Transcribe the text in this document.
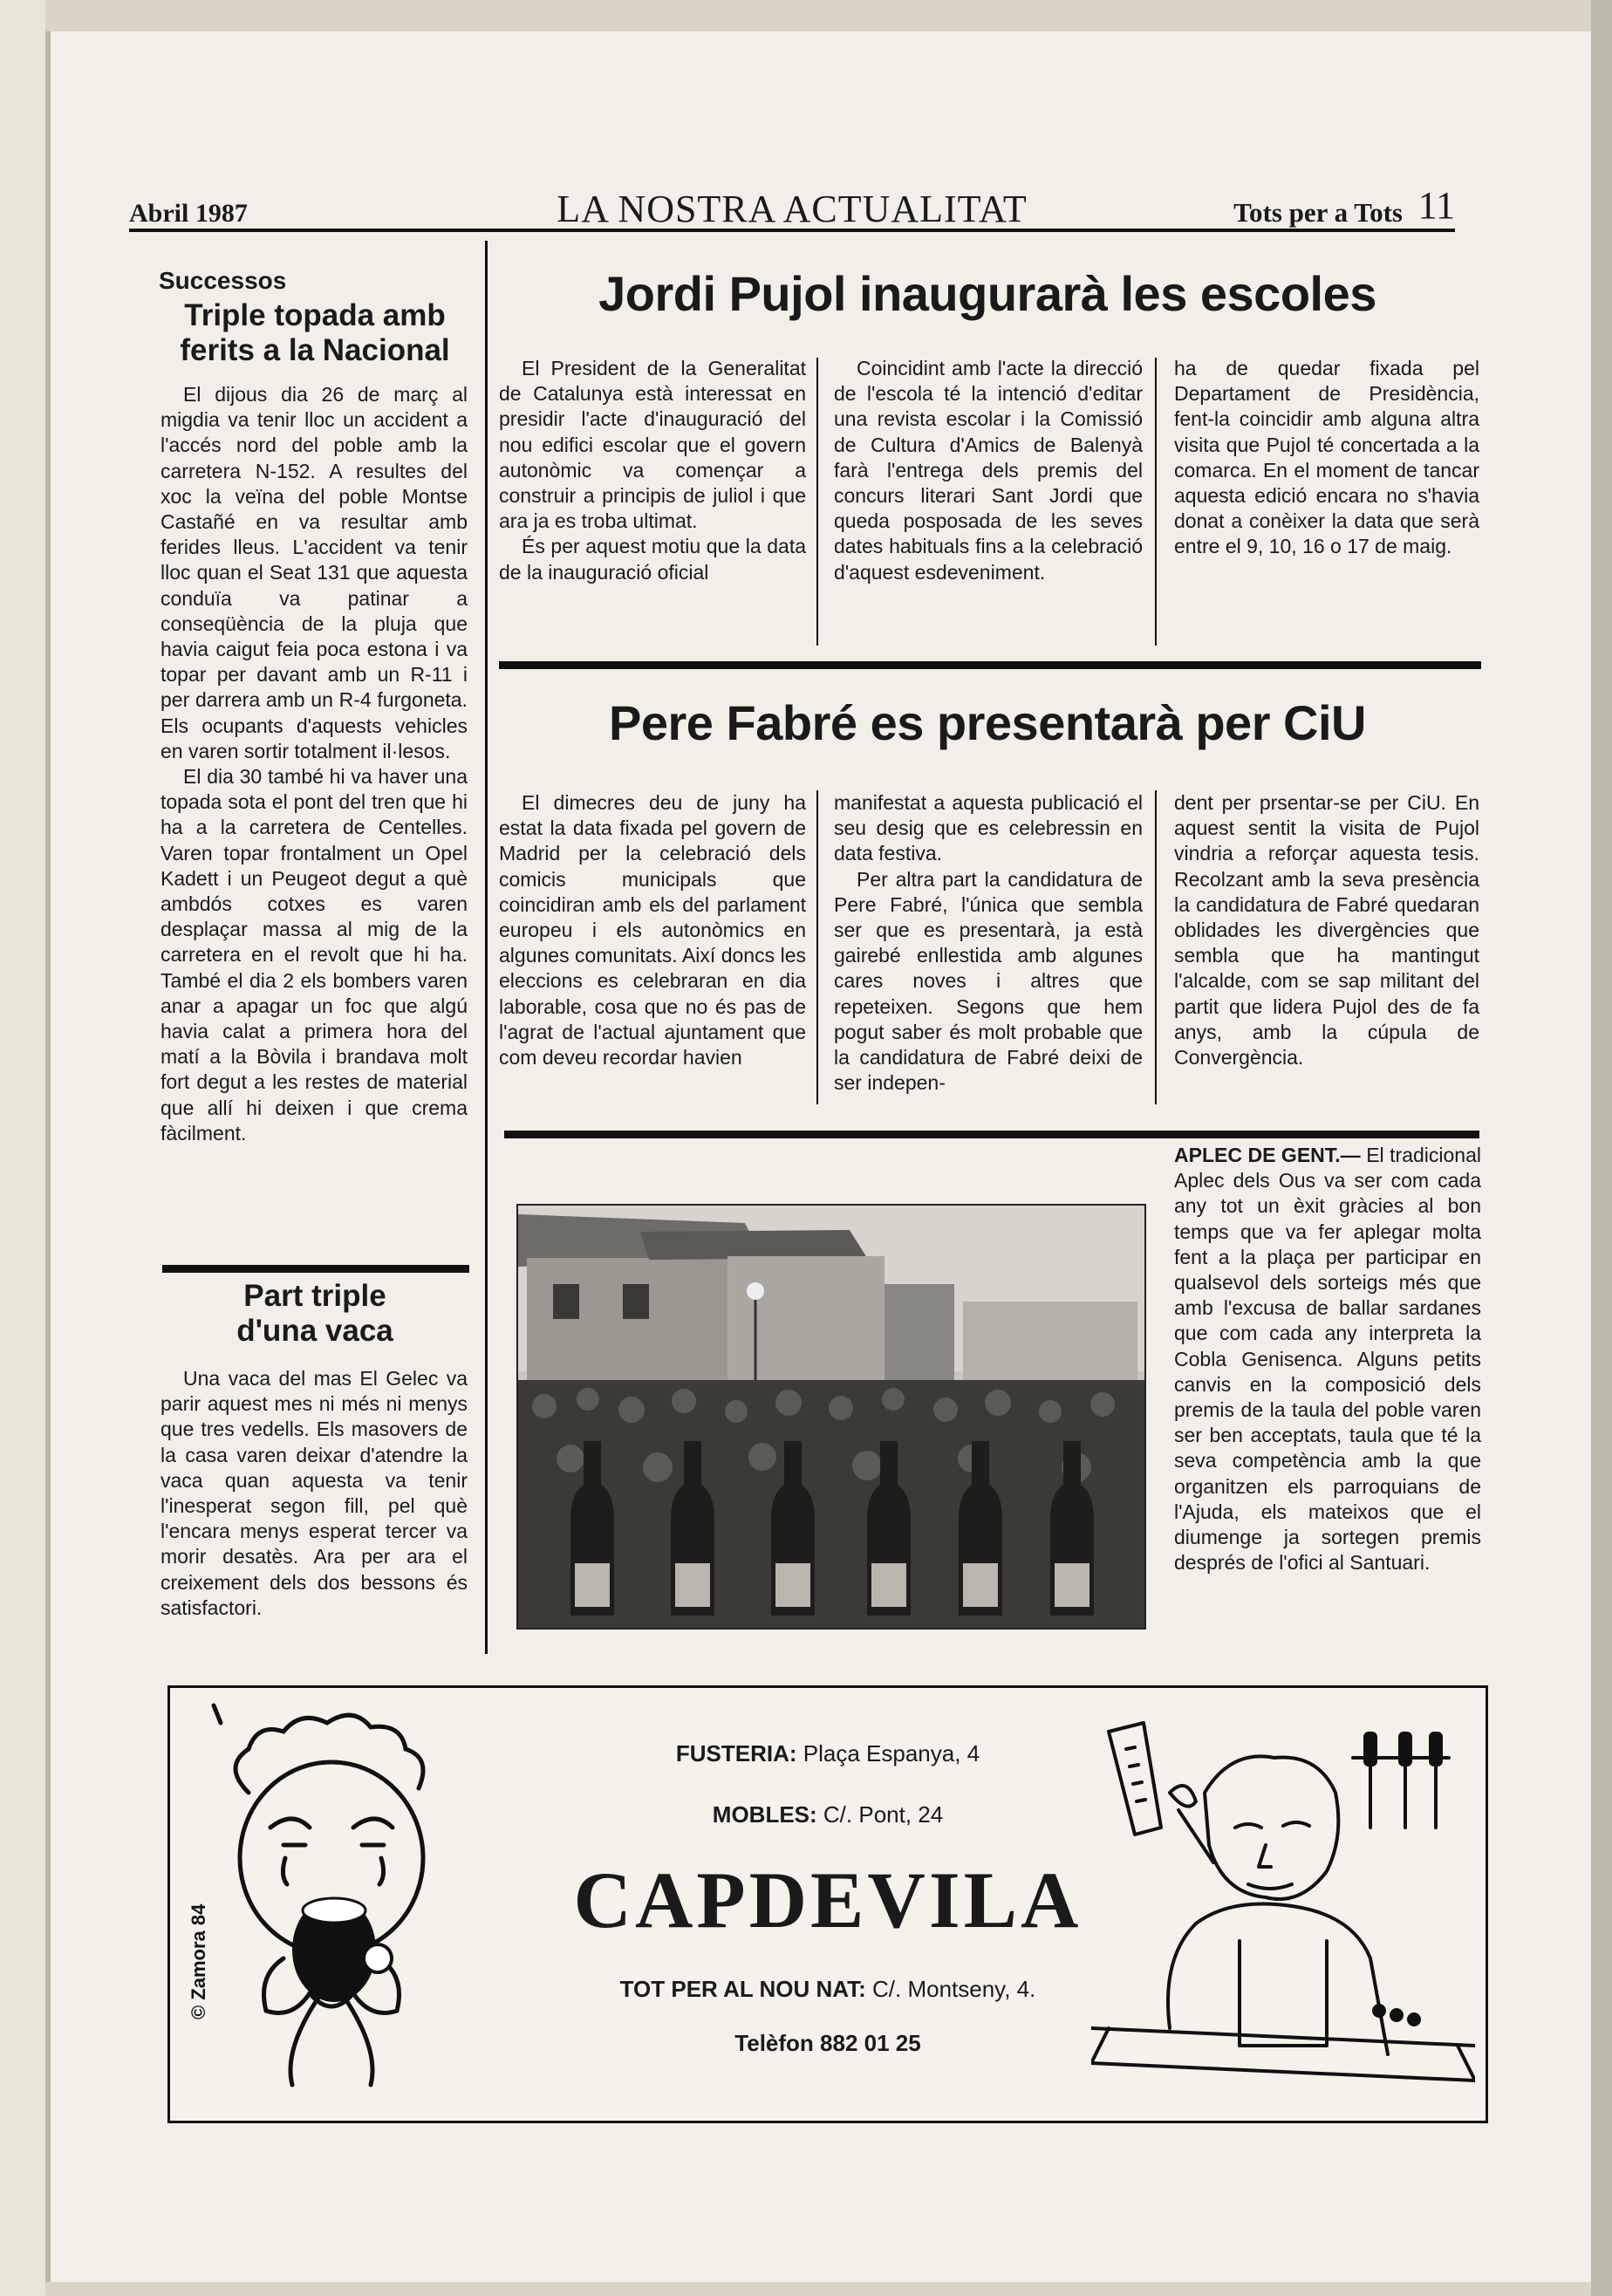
Abril 1987	LA NOSTRA ACTUALITAT	Tots per a Tots 11
Successos
Triple topada amb
ferits a la Nacional

El dijous dia 26 de març al migdia va tenir lloc un accident a l'accés nord del poble amb la carretera N-152. A resultes del xoc la veïna del poble Montse Castañé en va resultar amb ferides lleus. L'accident va tenir lloc quan el Seat 131 que aquesta conduïa va patinar a conseqüència de la pluja que havia caigut feia poca estona i va topar per davant amb un R-11 i per darrera amb un R-4 furgoneta. Els ocupants d'aquests vehicles en varen sortir totalment il·lesos.

El dia 30 també hi va haver una topada sota el pont del tren que hi ha a la carretera de Centelles. Varen topar frontalment un Opel Kadett i un Peugeot degut a què ambdós cotxes es varen desplaçar massa al mig de la carretera en el revolt que hi ha. També el dia 2 els bombers varen anar a apagar un foc que algú havia calat a primera hora del matí a la Bòvila i brandava molt fort degut a les restes de material que allí hi deixen i que crema fàcilment.

Part triple
d'una vaca

Una vaca del mas El Gelec va parir aquest mes ni més ni menys que tres vedells. Els masovers de la casa varen deixar d'atendre la vaca quan aquesta va tenir l'inesperat segon fill, pel què l'encara menys esperat tercer va morir desatès. Ara per ara el creixement dels dos bessons és satisfactori.

Jordi Pujol inaugurarà les escoles

El President de la Generalitat de Catalunya està interessat en presidir l'acte d'inauguració del nou edifici escolar que el govern autonòmic va començar a construir a principis de juliol i que ara ja es troba ultimat.

És per aquest motiu que la data de la inauguració oficial

Coincidint amb l'acte la direcció de l'escola té la intenció d'editar una revista escolar i la Comissió de Cultura d'Amics de Balenyà farà l'entrega dels premis del concurs literari Sant Jordi que queda posposada de les seves dates habituals fins a la celebració d'aquest esdeveniment.

ha de quedar fixada pel Departament de Presidència, fent-la coincidir amb alguna altra visita que Pujol té concertada a la comarca. En el moment de tancar aquesta edició encara no s'havia donat a conèixer la data que serà entre el 9, 10, 16 o 17 de maig.

Pere Fabré es presentarà per CiU

El dimecres deu de juny ha estat la data fixada pel govern de Madrid per la celebració dels comicis municipals que coincidiran amb els del parlament europeu i els autonòmics en algunes comunitats. Així doncs les eleccions es celebraran en dia laborable, cosa que no és pas de l'agrat de l'actual ajuntament que com deveu recordar havien

manifestat a aquesta publicació el seu desig que es celebressin en data festiva.

Per altra part la candidatura de Pere Fabré, l'única que sembla ser que es presentarà, ja està gairebé enllestida amb algunes cares noves i altres que repeteixen. Segons que hem pogut saber és molt probable que la candidatura de Fabré deixi de ser indepen-

dent per prsentar-se per CiU. En aquest sentit la visita de Pujol vindria a reforçar aquesta tesis. Recolzant amb la seva presència la candidatura de Fabré quedaran oblidades les divergències que sembla que ha mantingut l'alcalde, com se sap militant del partit que lidera Pujol des de fa anys, amb la cúpula de Convergència.

APLEC DE GENT.— El tradicional Aplec dels Ous va ser com cada any tot un èxit gràcies al bon temps que va fer aplegar molta fent a la plaça per participar en qualsevol dels sorteigs més que amb l'excusa de ballar sardanes que com cada any interpreta la Cobla Genisenca. Alguns petits canvis en la composició dels premis de la taula del poble varen ser ben acceptats, taula que té la seva competència amb la que organitzen els parroquians de l'Ajuda, els mateixos que el diumenge ja sortegen premis després de l'ofici al Santuari.

© Zamora 84
FUSTERIA: Plaça Espanya, 4
MOBLES: C/. Pont, 24
CAPDEVILA
TOT PER AL NOU NAT: C/. Montseny, 4.
Telèfon 882 01 25
